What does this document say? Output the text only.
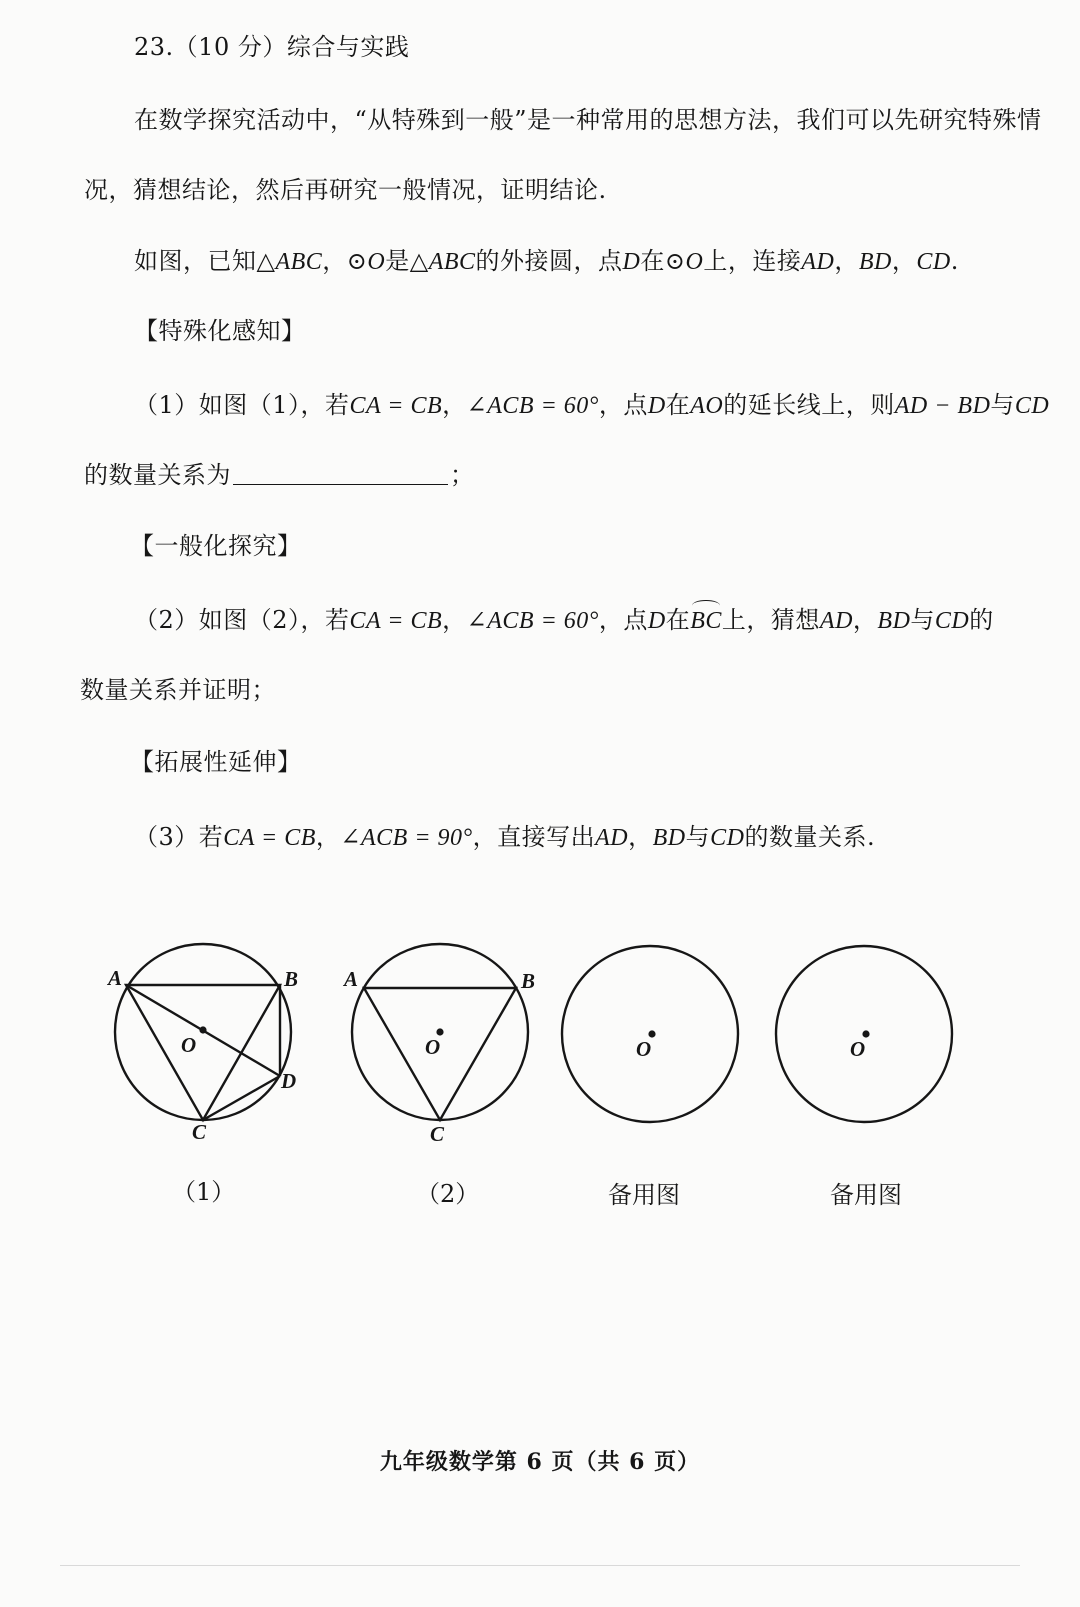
23.（10 分）综合与实践
在数学探究活动中，“从特殊到一般”是一种常用的思想方法，我们可以先研究特殊情
况，猜想结论，然后再研究一般情况，证明结论.
如图，已知△ABC，⊙O是△ABC的外接圆，点D在⊙O上，连接AD，BD，CD.
【特殊化感知】
（1）如图（1），若CA = CB，∠ACB = 60°，点D在AO的延长线上，则AD − BD与CD
的数量关系为	；
【一般化探究】
（2）如图（2），若CA = CB，∠ACB = 60°，点D在BC上，猜想AD，BD与CD的
数量关系并证明；
【拓展性延伸】
（3）若CA = CB，∠ACB = 90°，直接写出AD，BD与CD的数量关系.
A	B
C
D
O
A	B
C
O	O	O
（1）	（2）	备用图	备用图
九年级数学第 6 页（共 6 页）
